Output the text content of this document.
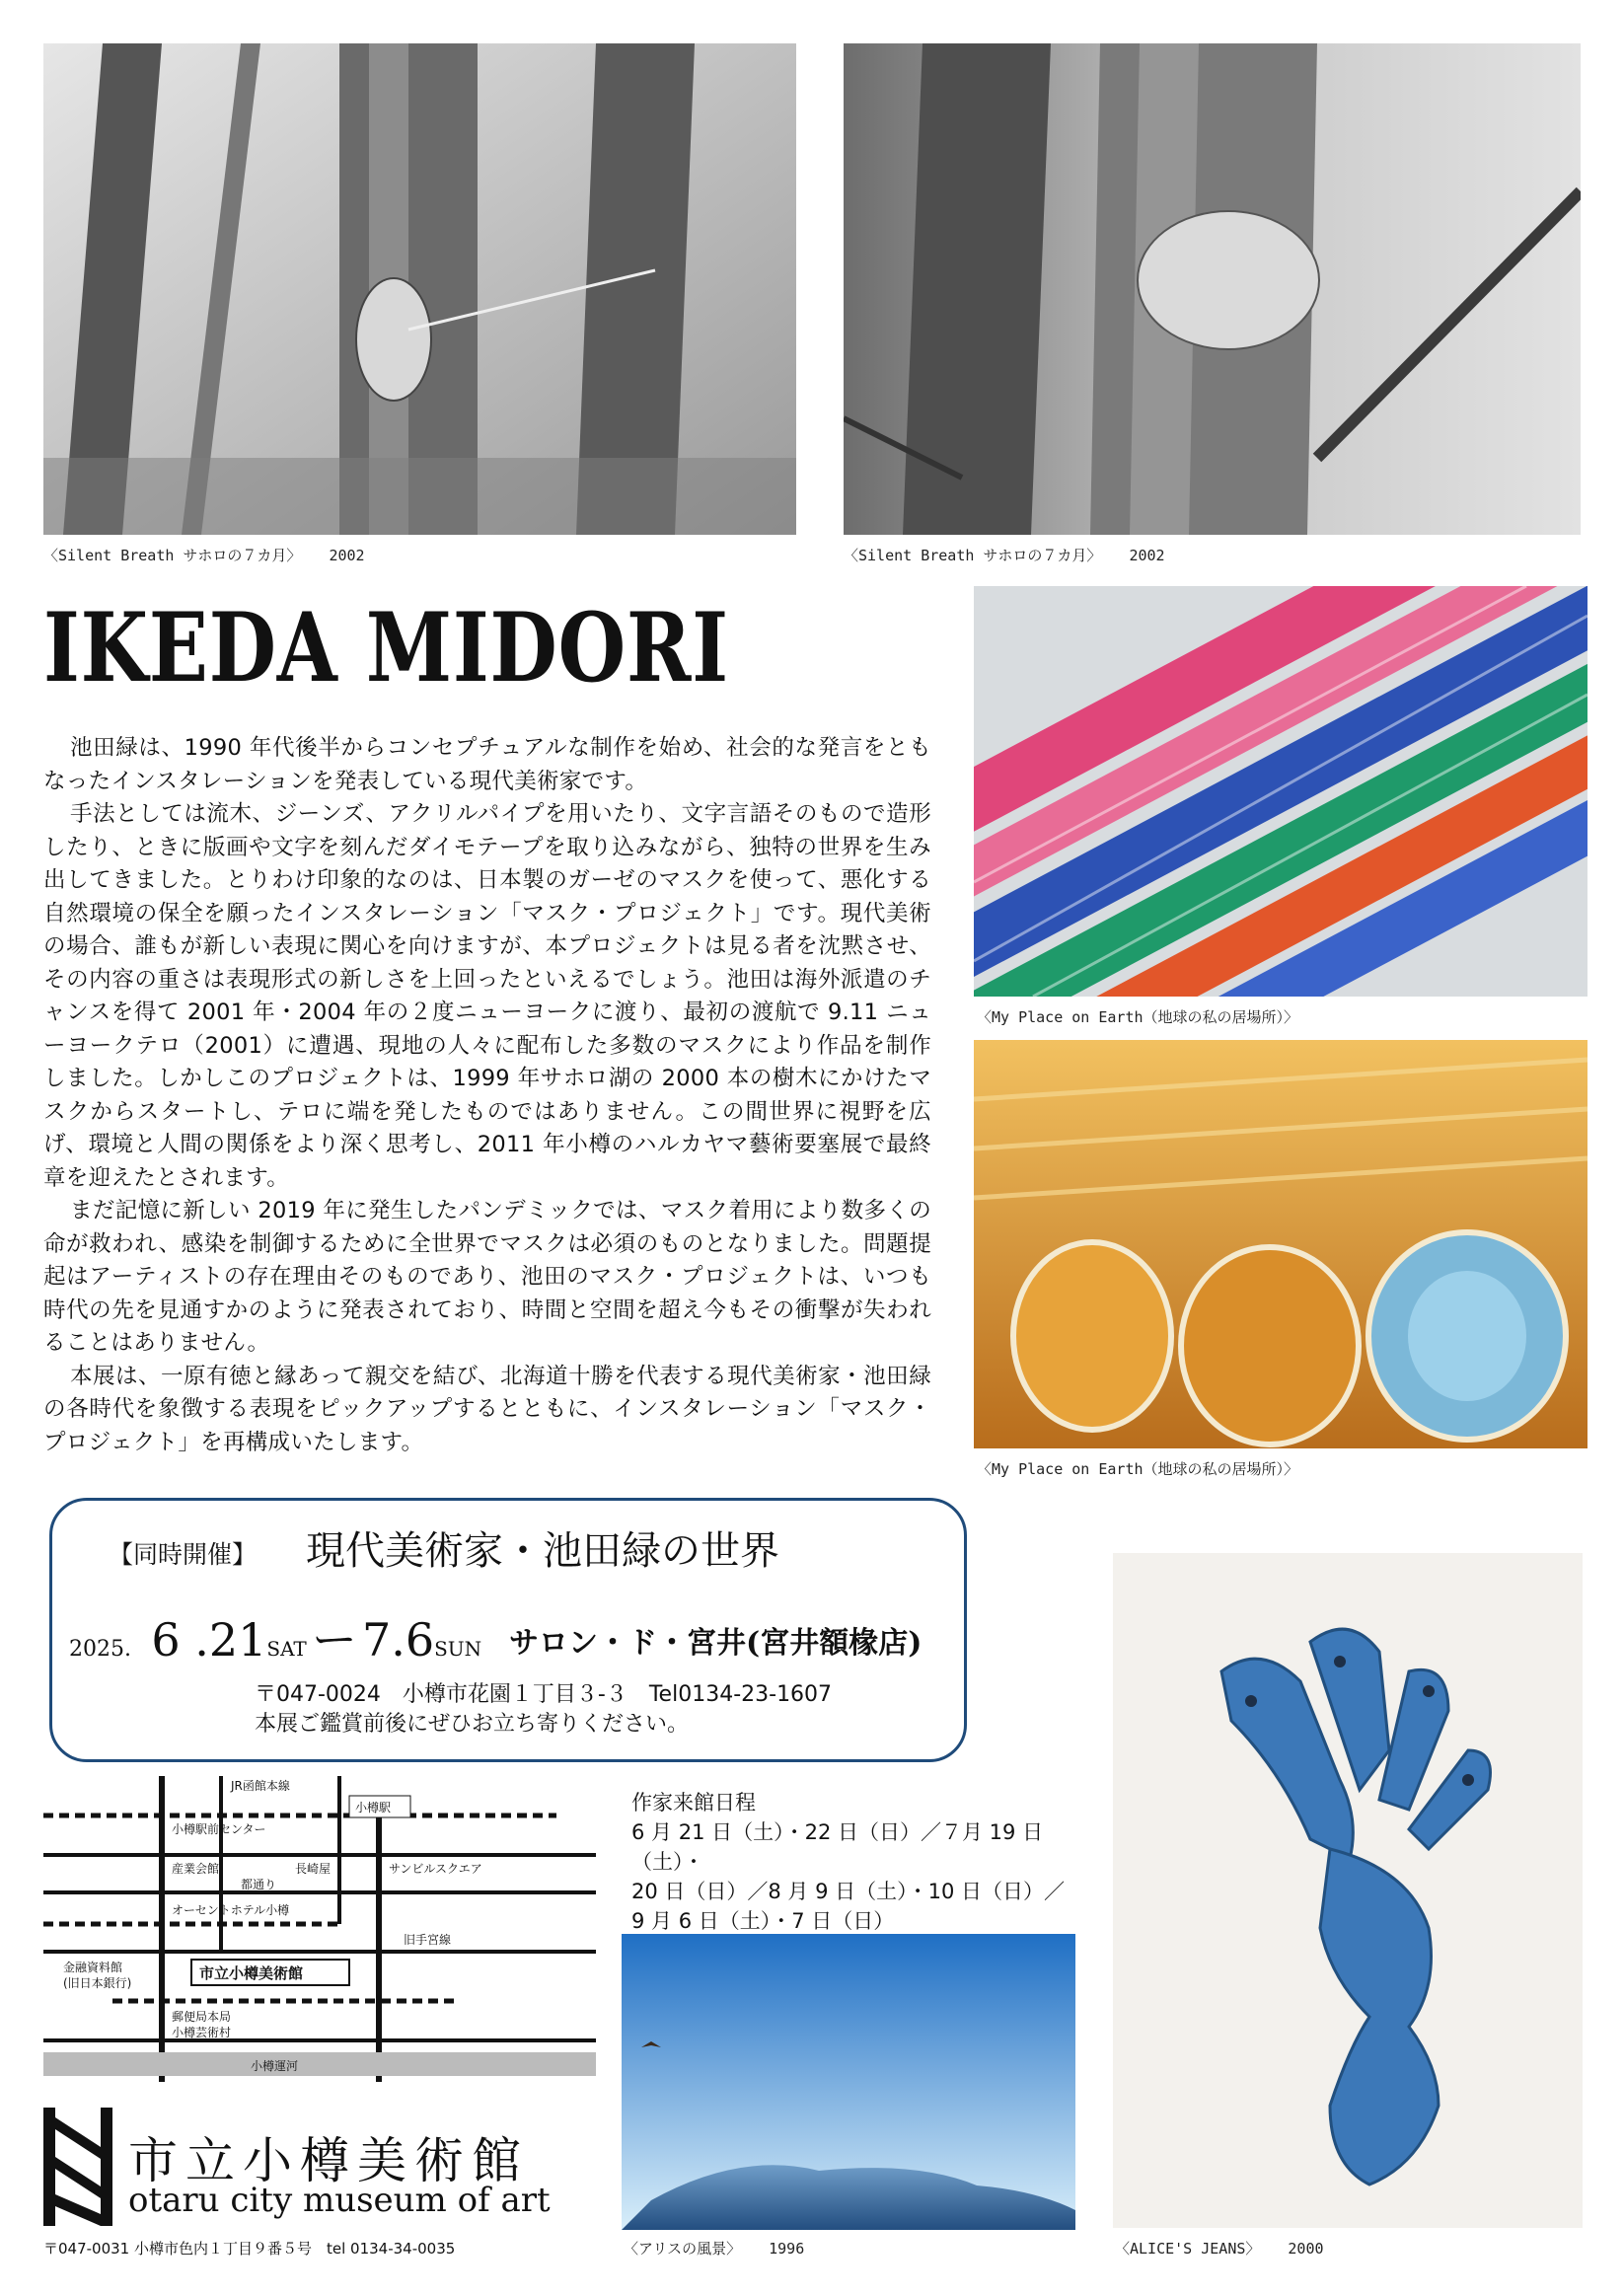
〈Silent Breath サホロの７カ月〉 2002	〈Silent Breath サホロの７カ月〉 2002
IKEDA MIDORI

池田緑は、1990 年代後半からコンセプチュアルな制作を始め、社会的な発言をともなったインスタレーションを発表している現代美術家です。

手法としては流木、ジーンズ、アクリルパイプを用いたり、文字言語そのもので造形したり、ときに版画や文字を刻んだダイモテープを取り込みながら、独特の世界を生み出してきました。とりわけ印象的なのは、日本製のガーゼのマスクを使って、悪化する自然環境の保全を願ったインスタレーション「マスク・プロジェクト」です。現代美術の場合、誰もが新しい表現に関心を向けますが、本プロジェクトは見る者を沈黙させ、その内容の重さは表現形式の新しさを上回ったといえるでしょう。池田は海外派遣のチャンスを得て 2001 年・2004 年の２度ニューヨークに渡り、最初の渡航で 9.11 ニューヨークテロ（2001）に遭遇、現地の人々に配布した多数のマスクにより作品を制作しました。しかしこのプロジェクトは、1999 年サホロ湖の 2000 本の樹木にかけたマスクからスタートし、テロに端を発したものではありません。この間世界に視野を広げ、環境と人間の関係をより深く思考し、2011 年小樽のハルカヤマ藝術要塞展で最終章を迎えたとされます。

まだ記憶に新しい 2019 年に発生したパンデミックでは、マスク着用により数多くの命が救われ、感染を制御するために全世界でマスクは必須のものとなりました。問題提起はアーティストの存在理由そのものであり、池田のマスク・プロジェクトは、いつも時代の先を見通すかのように発表されており、時間と空間を超え今もその衝撃が失われることはありません。

本展は、一原有徳と縁あって親交を結び、北海道十勝を代表する現代美術家・池田緑の各時代を象徴する表現をピックアップするとともに、インスタレーション「マスク・プロジェクト」を再構成いたします。

〈My Place on Earth（地球の私の居場所）〉
〈My Place on Earth（地球の私の居場所）〉
【同時開催】 現代美術家・池田緑の世界
2025. 6 .21SAT ー 7.6SUN サロン・ド・宮井(宮井額椽店)
〒047-0024　小樽市花園１丁目３-３　Tel0134-23-1607
本展ご鑑賞前後にぜひお立ち寄りください。
JR函館本線
小樽駅
小樽駅前センター
産業会館	長崎屋	サンビルスクエア
都通り
オーセントホテル小樽
旧手宮線
金融資料館
(旧日本銀行)
市立小樽美術館
郵便局本局
小樽芸術村
小樽運河
市立小樽美術館
otaru city museum of art
〒047-0031 小樽市色内１丁目９番５号　tel 0134-34-0035
作家来館日程
6 月 21 日（土）・22 日（日）／７月 19 日（土）・
20 日（日）／8 月 9 日（土）・10 日（日）／
9 月 6 日（土）・7 日（日）
〈アリスの風景〉 1996	〈ALICE'S JEANS〉 2000
